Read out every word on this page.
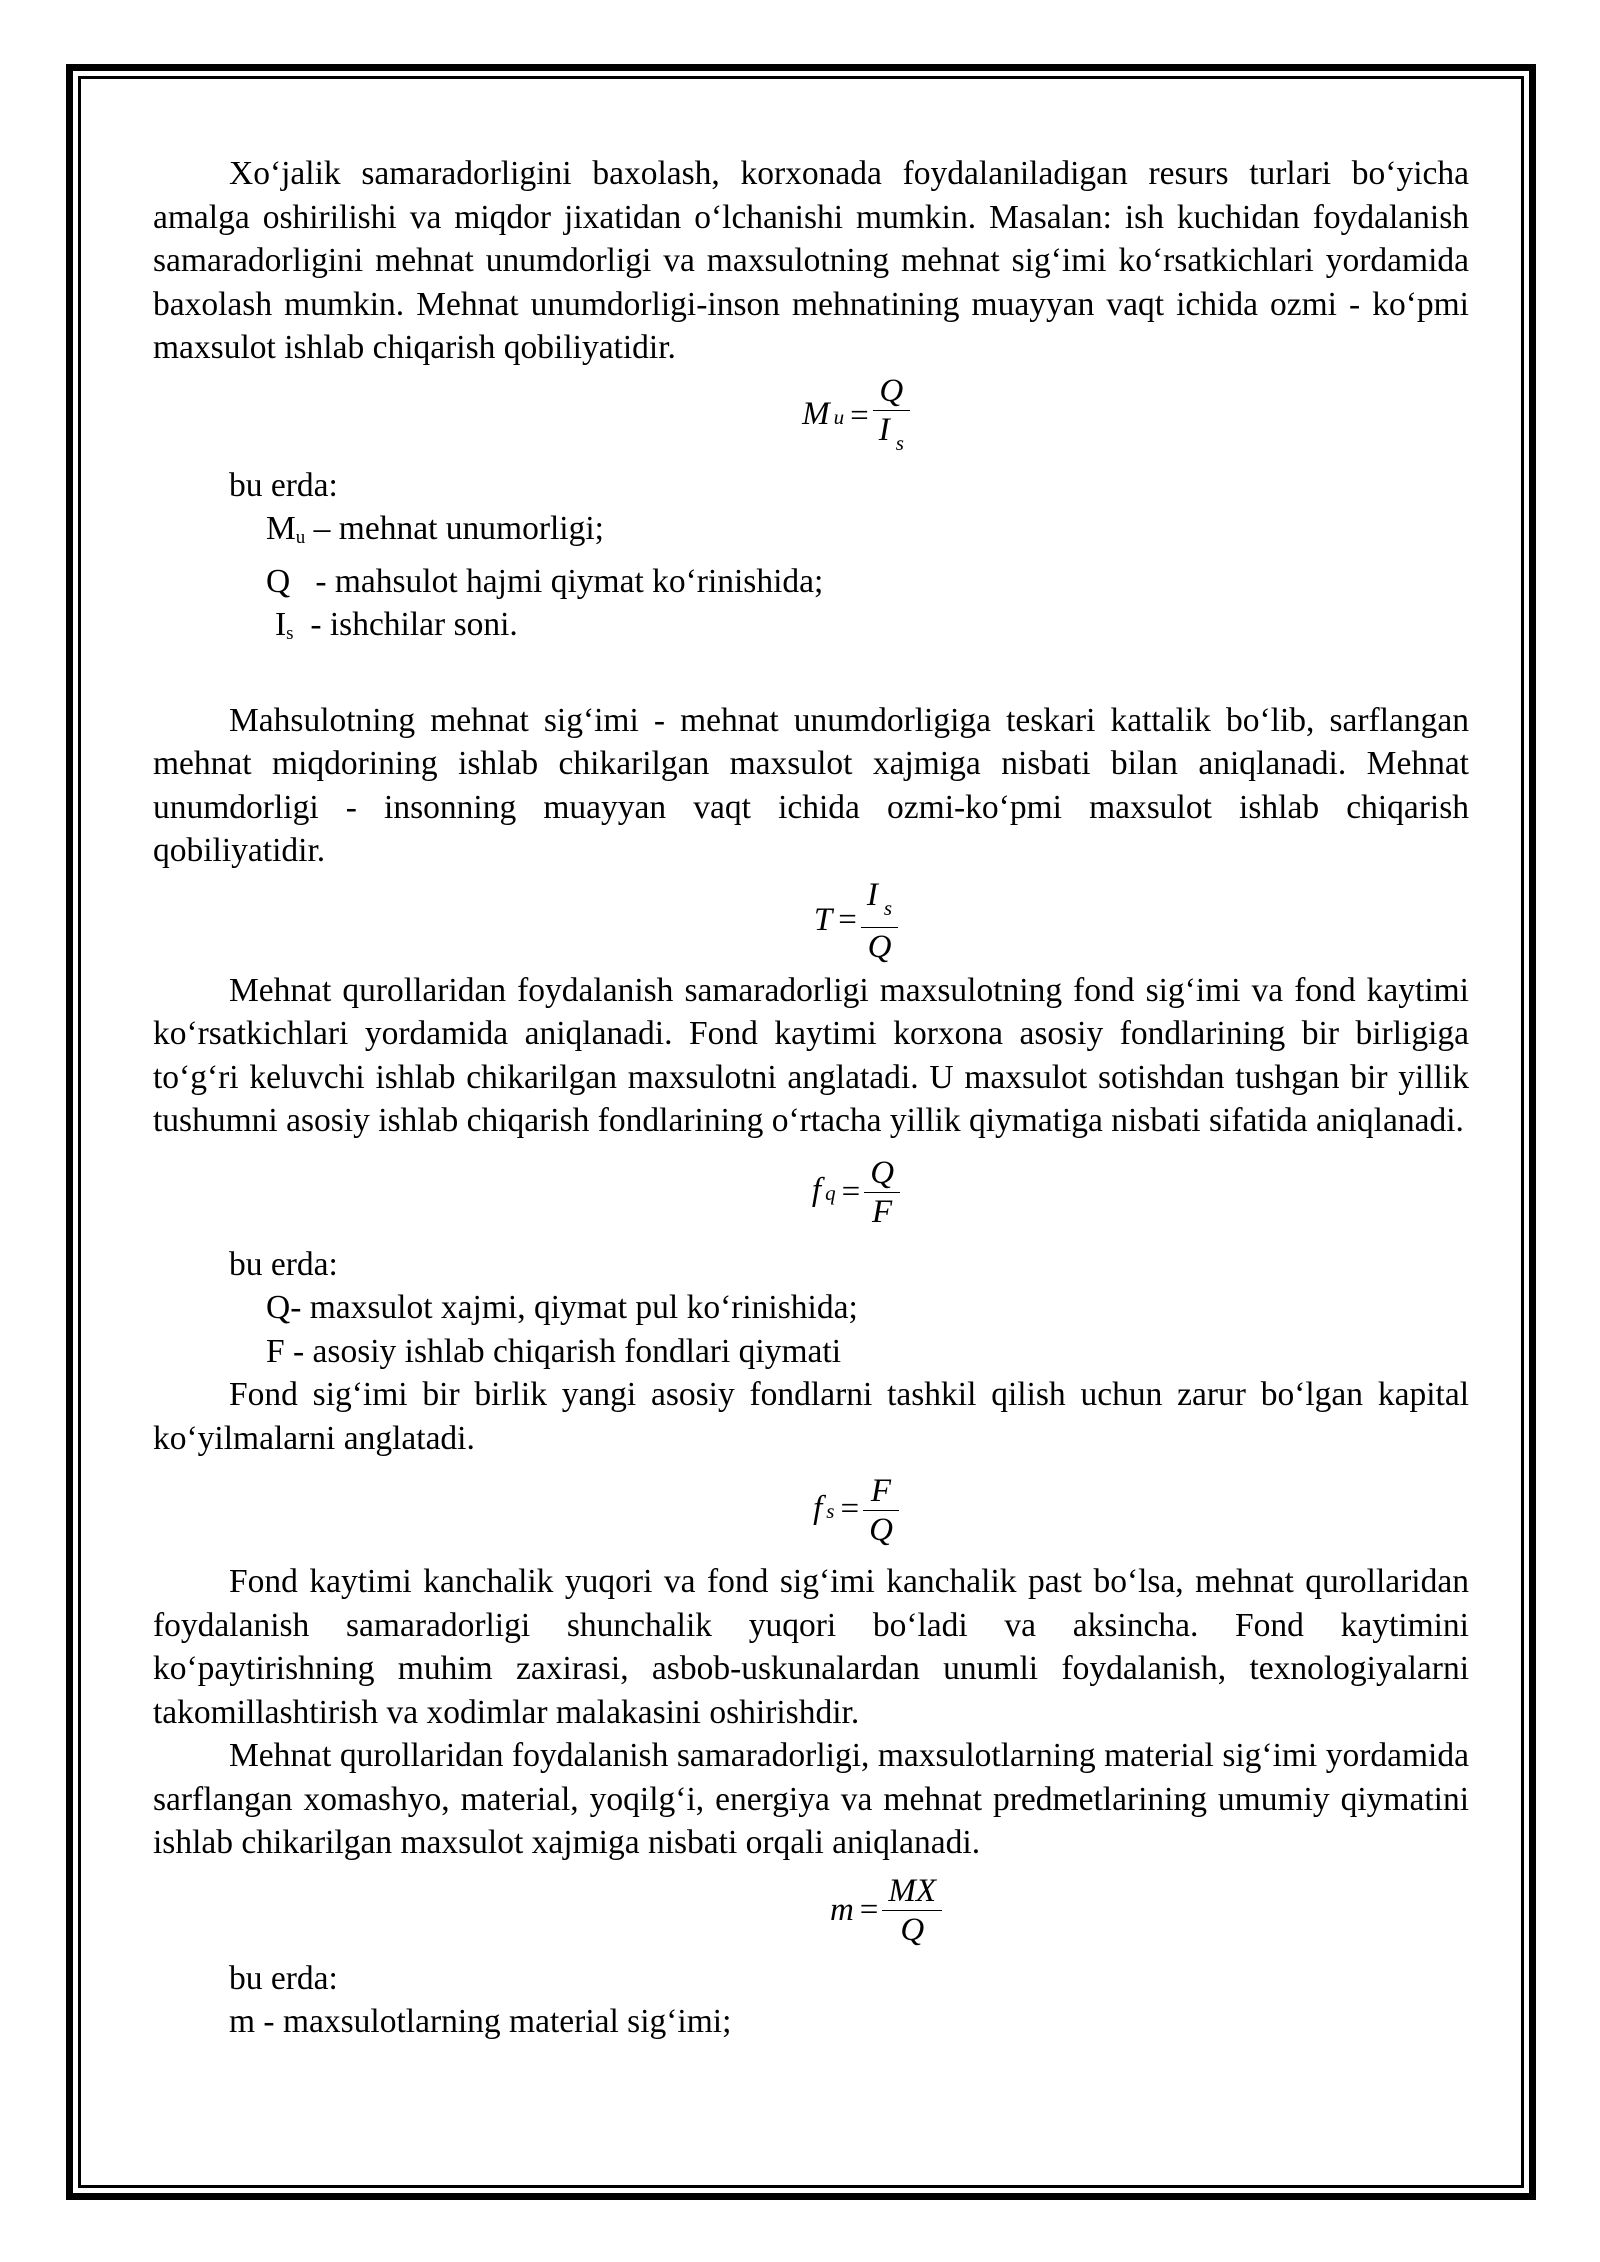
Xo‘jalik samaradorligini baxolash, korxonada foydalaniladigan resurs turlari bo‘yicha amalga oshirilishi va miqdor jixatidan o‘lchanishi mumkin. Masalan: ish kuchidan foydalanish samaradorligini mehnat unumdorligi va maxsulotning mehnat sig‘imi ko‘rsatkichlari yordamida baxolash mumkin. Mehnat unumdorligi-inson mehnatining muayyan vaqt ichida ozmi - ko‘pmi maxsulot ishlab chiqarish qobiliyatidir.

M $u = \frac{Q}{I _s}$

bu erda:

$M_u$ – mehnat unumorligi;

Q   - mahsulot hajmi qiymat ko‘rinishida;

$I_s$  - ishchilar soni.

Mahsulotning mehnat sig‘imi - mehnat unumdorligiga teskari kattalik bo‘lib, sarflangan mehnat miqdorining ishlab chikarilgan maxsulot xajmiga nisbati bilan aniqlanadi. Mehnat unumdorligi - insonning muayyan vaqt ichida ozmi-ko‘pmi maxsulot ishlab chiqarish qobiliyatidir.

$T = \frac{I _s}{Q}$

Mehnat qurollaridan foydalanish samaradorligi maxsulotning fond sig‘imi va fond kaytimi ko‘rsatkichlari yordamida aniqlanadi. Fond kaytimi korxona asosiy fondlarining bir birligiga to‘g‘ri keluvchi ishlab chikarilgan maxsulotni anglatadi. U maxsulot sotishdan tushgan bir yillik tushumni asosiy ishlab chiqarish fondlarining o‘rtacha yillik qiymatiga nisbati sifatida aniqlanadi.

f $q = \frac{Q}{F}$

bu erda:

Q- maxsulot xajmi, qiymat pul ko‘rinishida;

F - asosiy ishlab chiqarish fondlari qiymati

Fond sig‘imi bir birlik yangi asosiy fondlarni tashkil qilish uchun zarur bo‘lgan kapital ko‘yilmalarni anglatadi.

f $s = \frac{F}{Q}$

Fond kaytimi kanchalik yuqori va fond sig‘imi kanchalik past bo‘lsa, mehnat qurollaridan foydalanish samaradorligi shunchalik yuqori bo‘ladi va aksincha. Fond kaytimini ko‘paytirishning muhim zaxirasi, asbob-uskunalardan unumli foydalanish, texnologiyalarni takomillashtirish va xodimlar malakasini oshirishdir.

Mehnat qurollaridan foydalanish samaradorligi, maxsulotlarning material sig‘imi yordamida sarflangan xomashyo, material, yoqilg‘i, energiya va mehnat predmetlarining umumiy qiymatini ishlab chikarilgan maxsulot xajmiga nisbati orqali aniqlanadi.

$m = \frac{MX}{Q}$

bu erda:

m - maxsulotlarning material sig‘imi;
